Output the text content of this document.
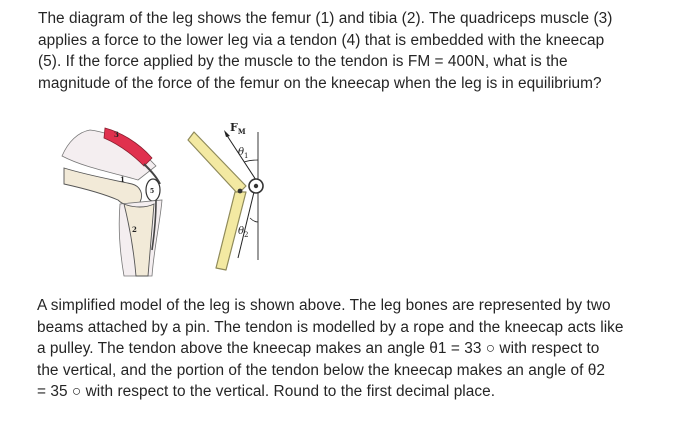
The diagram of the leg shows the femur (1) and tibia (2). The quadriceps muscle (3)
applies a force to the lower leg via a tendon (4) that is embedded with the kneecap
(5). If the force applied by the muscle to the tendon is FM = 400N, what is the
magnitude of the force of the femur on the kneecap when the leg is in equilibrium?
3
1
5
2
$F_M$
$\theta_1$
$\theta_2$
A simplified model of the leg is shown above. The leg bones are represented by two
beams attached by a pin. The tendon is modelled by a rope and the kneecap acts like
a pulley. The tendon above the kneecap makes an angle θ1 = 33 ○ with respect to
the vertical, and the portion of the tendon below the kneecap makes an angle of θ2
= 35 ○ with respect to the vertical. Round to the first decimal place.
